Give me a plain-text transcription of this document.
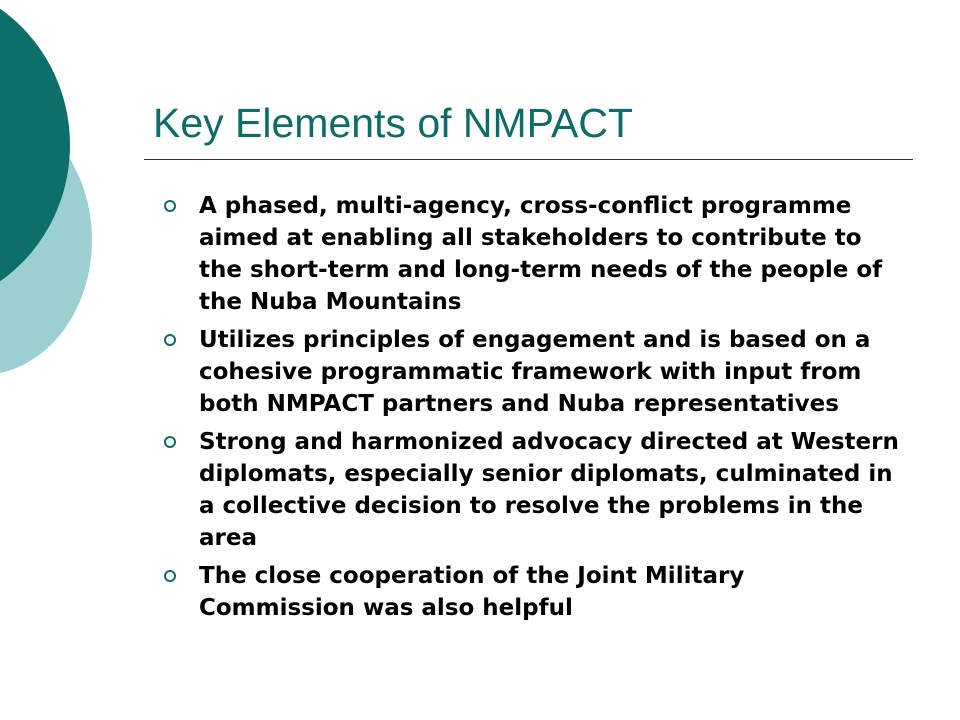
Key Elements of NMPACT
A phased, multi-agency, cross-conflict programme aimed at enabling all stakeholders to contribute to the short-term and long-term needs of the people of the Nuba Mountains
Utilizes principles of engagement and is based on a cohesive programmatic framework with input from both NMPACT partners and Nuba representatives
Strong and harmonized advocacy directed at Western diplomats, especially senior diplomats, culminated in a collective decision to resolve the problems in the area
The close cooperation of the Joint Military Commission was also helpful
